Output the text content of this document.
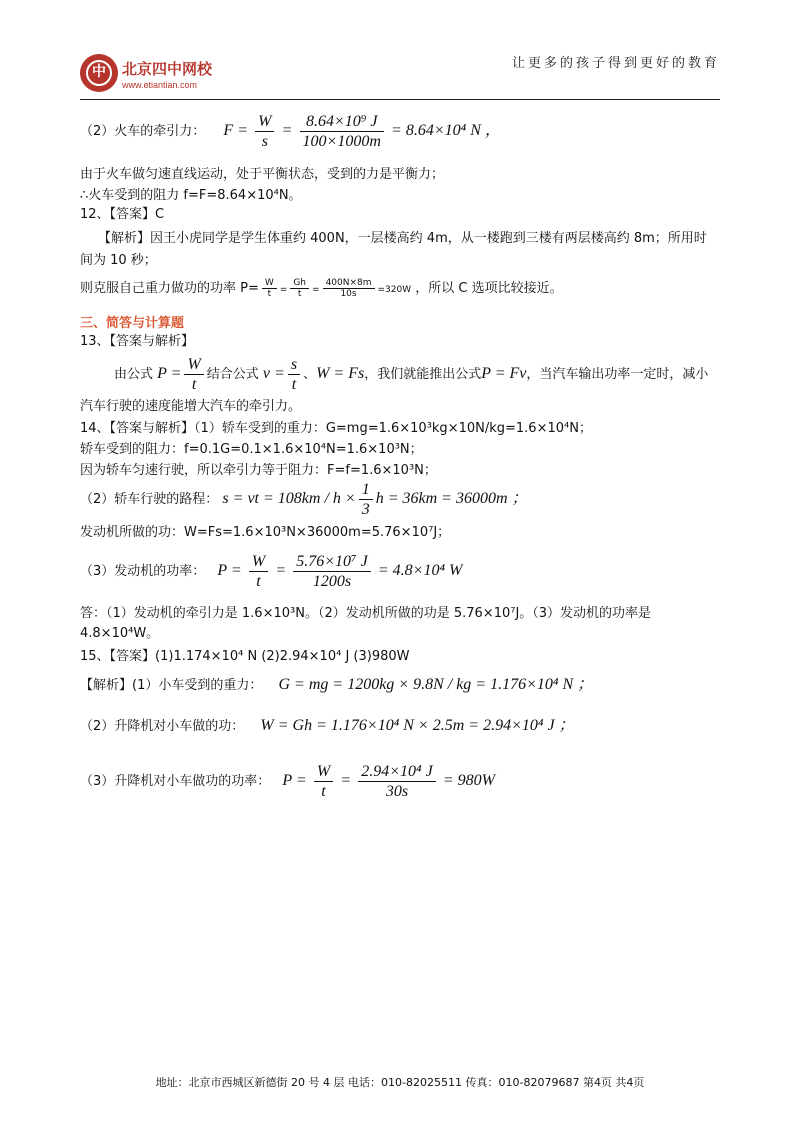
中	北京四中网校
www.etiantian.com
让更多的孩子得到更好的教育
（2）火车的牵引力： $F = \frac{W}{s} = \frac{\text{8.64×10⁹ J}}{100\times 1000m} = 8.64\times 10^4$ N ，
由于火车做匀速直线运动，处于平衡状态，受到的力是平衡力；
∴火车受到的阻力 f=F=8.64×10⁴N。
12、【答案】C
【解析】因王小虎同学是学生体重约 400N，一层楼高约 4m，从一楼跑到三楼有两层楼高约 8m；所用时
间为 10 秒；
则克服自己重力做功的功率 $P= \frac{W}{t} = \frac{Gh}{t} = \frac{400N\times 8m}{10s} =320W$ ，所以 C 选项比较接近。
三、简答与计算题
13、【答案与解析】
由公式 $P = \frac{W}{t}$ 结合公式 $v = \frac{s}{t}$ 、W = Fs，我们就能推出公式P = Fv，当汽车输出功率一定时，减小
汽车行驶的速度能增大汽车的牵引力。
14、【答案与解析】（1）轿车受到的重力：G=mg=1.6×10³kg×10N/kg=1.6×10⁴N；
轿车受到的阻力：f=0.1G=0.1×1.6×10⁴N=1.6×10³N；
因为轿车匀速行驶，所以牵引力等于阻力：F=f=1.6×10³N；
（2）轿车行驶的路程： s = vt = $108km / h \times \frac{1}{3}$ h = 36km = 36000m ；
发动机所做的功：W=Fs=1.6×10³N×36000m=5.76×10⁷J；
（3）发动机的功率： $P = \frac{W}{t} = \frac{\text{5.76×10⁷ J}}{1200s} = 4.8\times 10^4$ W
答：（1）发动机的牵引力是 1.6×10³N。（2）发动机所做的功是 5.76×10⁷J。（3）发动机的功率是
4.8×10⁴W。
15、【答案】(1)1.174×10⁴ N (2)2.94×10⁴ J (3)980W
【解析】(1）小车受到的重力： G = mg = 1200kg × 9.8N / kg = 1.176×10⁴ N ；
（2）升降机对小车做的功： W = Gh = 1.176×10⁴ N × 2.5m = 2.94×10⁴ J ；
（3）升降机对小车做功的功率： $P = \frac{W}{t} = \frac{\text{2.94×10⁴ J}}{30s} = 980W$
地址：北京市西城区新德街 20 号 4 层 电话：010-82025511 传真：010-82079687 第4页 共4页
